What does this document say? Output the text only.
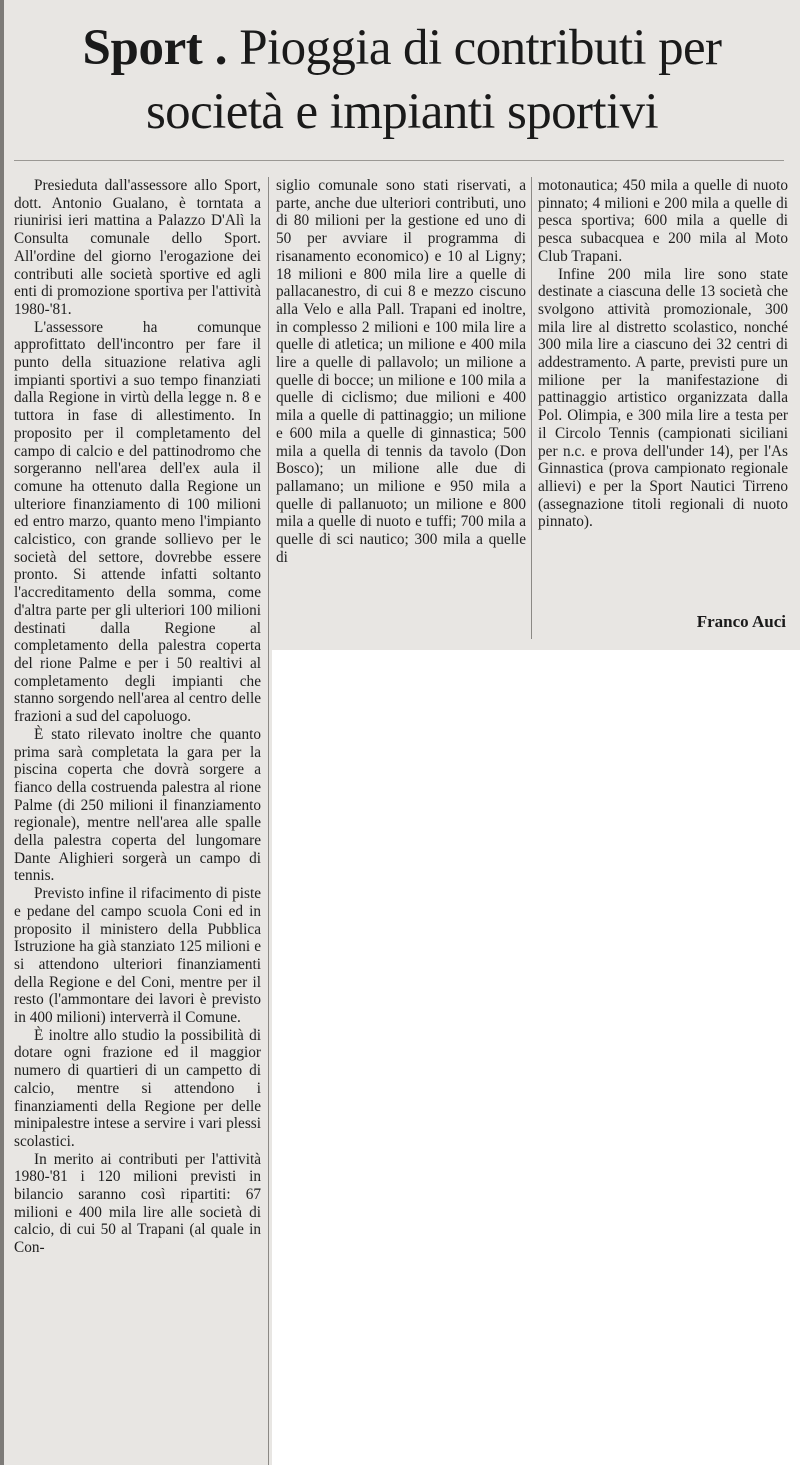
Sport . Pioggia di contributi per società e impianti sportivi

Presieduta dall'assessore allo Sport, dott. Antonio Gualano, è torntata a riunirisi ieri mattina a Palazzo D'Alì la Consulta comunale dello Sport. All'ordine del giorno l'erogazione dei contributi alle società sportive ed agli enti di promozione sportiva per l'attività 1980-'81.

L'assessore ha comunque approfittato dell'incontro per fare il punto della situazione relativa agli impianti sportivi a suo tempo finanziati dalla Regione in virtù della legge n. 8 e tuttora in fase di allestimento. In proposito per il completamento del campo di calcio e del pattinodromo che sorgeranno nell'area dell'ex aula il comune ha ottenuto dalla Regione un ulteriore finanziamento di 100 milioni ed entro marzo, quanto meno l'impianto calcistico, con grande sollievo per le società del settore, dovrebbe essere pronto. Si attende infatti soltanto l'accreditamento della somma, come d'altra parte per gli ulteriori 100 milioni destinati dalla Regione al completamento della palestra coperta del rione Palme e per i 50 realtivi al completamento degli impianti che stanno sorgendo nell'area al centro delle frazioni a sud del capoluogo.

È stato rilevato inoltre che quanto prima sarà completata la gara per la piscina coperta che dovrà sorgere a fianco della costruenda palestra al rione Palme (di 250 milioni il finanziamento regionale), mentre nell'area alle spalle della palestra coperta del lungomare Dante Alighieri sorgerà un campo di tennis.

Previsto infine il rifacimento di piste e pedane del campo scuola Coni ed in proposito il ministero della Pubblica Istruzione ha già stanziato 125 milioni e si attendono ulteriori finanziamenti della Regione e del Coni, mentre per il resto (l'ammontare dei lavori è previsto in 400 milioni) interverrà il Comune.

È inoltre allo studio la possibilità di dotare ogni frazione ed il maggior numero di quartieri di un campetto di calcio, mentre si attendono i finanziamenti della Regione per delle minipalestre intese a servire i vari plessi scolastici.

In merito ai contributi per l'attività 1980-'81 i 120 milioni previsti in bilancio saranno così ripartiti: 67 milioni e 400 mila lire alle società di calcio, di cui 50 al Trapani (al quale in Con-

siglio comunale sono stati riservati, a parte, anche due ulteriori contributi, uno di 80 milioni per la gestione ed uno di 50 per avviare il programma di risanamento economico) e 10 al Ligny; 18 milioni e 800 mila lire a quelle di pallacanestro, di cui 8 e mezzo ciscuno alla Velo e alla Pall. Trapani ed inoltre, in complesso 2 milioni e 100 mila lire a quelle di atletica; un milione e 400 mila lire a quelle di pallavolo; un milione a quelle di bocce; un milione e 100 mila a quelle di ciclismo; due milioni e 400 mila a quelle di pattinaggio; un milione e 600 mila a quelle di ginnastica; 500 mila a quella di tennis da tavolo (Don Bosco); un milione alle due di pallamano; un milione e 950 mila a quelle di pallanuoto; un milione e 800 mila a quelle di nuoto e tuffi; 700 mila a quelle di sci nautico; 300 mila a quelle di

motonautica; 450 mila a quelle di nuoto pinnato; 4 milioni e 200 mila a quelle di pesca sportiva; 600 mila a quelle di pesca subacquea e 200 mila al Moto Club Trapani.

Infine 200 mila lire sono state destinate a ciascuna delle 13 società che svolgono attività promozionale, 300 mila lire al distretto scolastico, nonché 300 mila lire a ciascuno dei 32 centri di addestramento. A parte, previsti pure un milione per la manifestazione di pattinaggio artistico organizzata dalla Pol. Olimpia, e 300 mila lire a testa per il Circolo Tennis (campionati siciliani per n.c. e prova dell'under 14), per l'As Ginnastica (prova campionato regionale allievi) e per la Sport Nautici Tirreno (assegnazione titoli regionali di nuoto pinnato).

Franco Auci
